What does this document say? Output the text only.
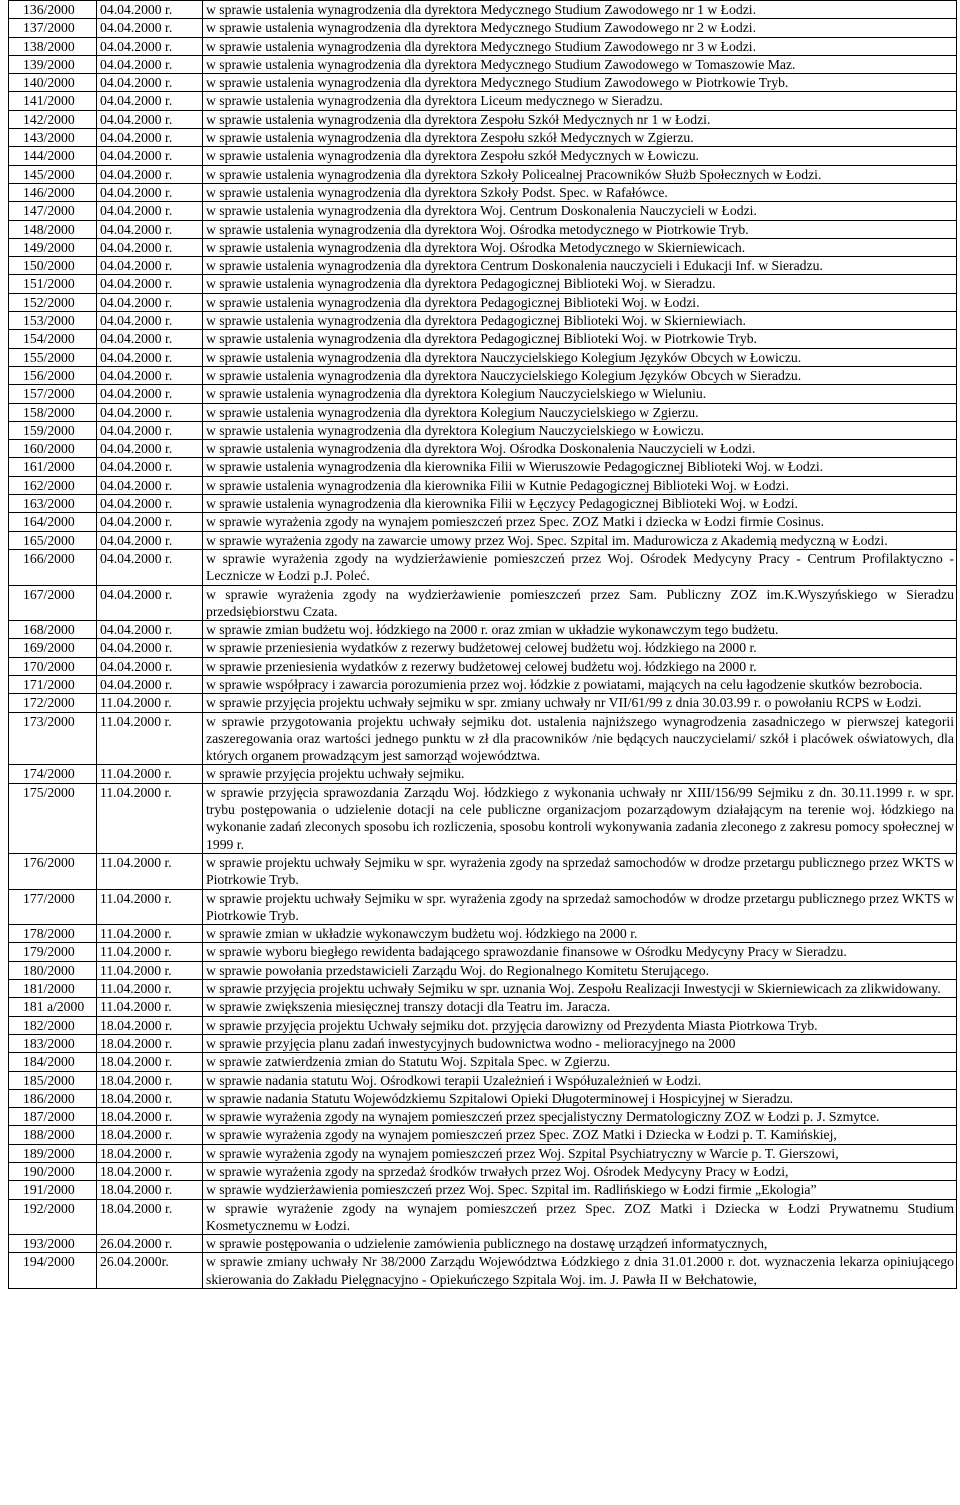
136/2000	04.04.2000 r.	w sprawie ustalenia wynagrodzenia dla dyrektora Medycznego Studium Zawodowego nr 1 w Łodzi.
137/2000	04.04.2000 r.	w sprawie ustalenia wynagrodzenia dla dyrektora Medycznego Studium Zawodowego nr 2 w Łodzi.
138/2000	04.04.2000 r.	w sprawie ustalenia wynagrodzenia dla dyrektora Medycznego Studium Zawodowego nr 3 w Łodzi.
139/2000	04.04.2000 r.	w sprawie ustalenia wynagrodzenia dla dyrektora Medycznego Studium Zawodowego w Tomaszowie Maz.
140/2000	04.04.2000 r.	w sprawie ustalenia wynagrodzenia dla dyrektora Medycznego Studium Zawodowego w Piotrkowie Tryb.
141/2000	04.04.2000 r.	w sprawie ustalenia wynagrodzenia dla dyrektora Liceum medycznego w Sieradzu.
142/2000	04.04.2000 r.	w sprawie ustalenia wynagrodzenia dla dyrektora Zespołu Szkół Medycznych nr 1 w Łodzi.
143/2000	04.04.2000 r.	w sprawie ustalenia wynagrodzenia dla dyrektora Zespołu szkół Medycznych w Zgierzu.
144/2000	04.04.2000 r.	w sprawie ustalenia wynagrodzenia dla dyrektora Zespołu szkół Medycznych w Łowiczu.
145/2000	04.04.2000 r.	w sprawie ustalenia wynagrodzenia dla dyrektora Szkoły Policealnej Pracowników Służb Społecznych w Łodzi.
146/2000	04.04.2000 r.	w sprawie ustalenia wynagrodzenia dla dyrektora Szkoły Podst. Spec. w Rafałówce.
147/2000	04.04.2000 r.	w sprawie ustalenia wynagrodzenia dla dyrektora Woj. Centrum Doskonalenia Nauczycieli w Łodzi.
148/2000	04.04.2000 r.	w sprawie ustalenia wynagrodzenia dla dyrektora Woj. Ośrodka metodycznego w Piotrkowie Tryb.
149/2000	04.04.2000 r.	w sprawie ustalenia wynagrodzenia dla dyrektora Woj. Ośrodka Metodycznego w Skierniewicach.
150/2000	04.04.2000 r.	w sprawie ustalenia wynagrodzenia dla dyrektora Centrum Doskonalenia nauczycieli i Edukacji Inf. w Sieradzu.
151/2000	04.04.2000 r.	w sprawie ustalenia wynagrodzenia dla dyrektora Pedagogicznej Biblioteki Woj. w Sieradzu.
152/2000	04.04.2000 r.	w sprawie ustalenia wynagrodzenia dla dyrektora Pedagogicznej Biblioteki Woj. w Łodzi.
153/2000	04.04.2000 r.	w sprawie ustalenia wynagrodzenia dla dyrektora Pedagogicznej Biblioteki Woj. w Skierniewiach.
154/2000	04.04.2000 r.	w sprawie ustalenia wynagrodzenia dla dyrektora Pedagogicznej Biblioteki Woj. w Piotrkowie Tryb.
155/2000	04.04.2000 r.	w sprawie ustalenia wynagrodzenia dla dyrektora Nauczycielskiego Kolegium Języków Obcych w Łowiczu.
156/2000	04.04.2000 r.	w sprawie ustalenia wynagrodzenia dla dyrektora Nauczycielskiego Kolegium Języków Obcych w Sieradzu.
157/2000	04.04.2000 r.	w sprawie ustalenia wynagrodzenia dla dyrektora Kolegium Nauczycielskiego w Wieluniu.
158/2000	04.04.2000 r.	w sprawie ustalenia wynagrodzenia dla dyrektora Kolegium Nauczycielskiego w Zgierzu.
159/2000	04.04.2000 r.	w sprawie ustalenia wynagrodzenia dla dyrektora Kolegium Nauczycielskiego w Łowiczu.
160/2000	04.04.2000 r.	w sprawie ustalenia wynagrodzenia dla dyrektora Woj. Ośrodka Doskonalenia Nauczycieli w Łodzi.
161/2000	04.04.2000 r.	w sprawie ustalenia wynagrodzenia dla kierownika Filii w Wieruszowie Pedagogicznej Biblioteki Woj. w Łodzi.
162/2000	04.04.2000 r.	w sprawie ustalenia wynagrodzenia dla kierownika Filii w Kutnie Pedagogicznej Biblioteki Woj. w Łodzi.
163/2000	04.04.2000 r.	w sprawie ustalenia wynagrodzenia dla kierownika Filii w Łęczycy Pedagogicznej Biblioteki Woj. w Łodzi.
164/2000	04.04.2000 r.	w sprawie wyrażenia zgody na wynajem pomieszczeń przez Spec. ZOZ Matki i dziecka w Łodzi firmie Cosinus.
165/2000	04.04.2000 r.	w sprawie wyrażenia zgody na zawarcie umowy przez Woj. Spec. Szpital im. Madurowicza z Akademią medyczną w Łodzi.
166/2000	04.04.2000 r.	w sprawie wyrażenia zgody na wydzierżawienie pomieszczeń przez Woj. Ośrodek Medycyny Pracy - Centrum Profilaktyczno - Lecznicze w Łodzi p.J. Poleć.
167/2000	04.04.2000 r.	w sprawie wyrażenia zgody na wydzierżawienie pomieszczeń przez Sam. Publiczny ZOZ im.K.Wyszyńskiego w Sieradzu przedsiębiorstwu Czata.
168/2000	04.04.2000 r.	w sprawie zmian budżetu woj. łódzkiego na 2000 r. oraz zmian w układzie wykonawczym tego budżetu.
169/2000	04.04.2000 r.	w sprawie przeniesienia wydatków z rezerwy budżetowej celowej budżetu woj. łódzkiego na 2000 r.
170/2000	04.04.2000 r.	w sprawie przeniesienia wydatków z rezerwy budżetowej celowej budżetu woj. łódzkiego na 2000 r.
171/2000	04.04.2000 r.	w sprawie współpracy i zawarcia porozumienia przez woj. łódzkie z powiatami, mających na celu łagodzenie skutków bezrobocia.
172/2000	11.04.2000 r.	w sprawie przyjęcia projektu uchwały sejmiku w spr. zmiany uchwały nr VII/61/99 z dnia 30.03.99 r. o powołaniu RCPS w Łodzi.
173/2000	11.04.2000 r.	w sprawie przygotowania projektu uchwały sejmiku dot. ustalenia najniższego wynagrodzenia zasadniczego w pierwszej kategorii zaszeregowania oraz wartości jednego punktu w zł dla pracowników /nie będących nauczycielami/ szkół i placówek oświatowych, dla których organem prowadzącym jest samorząd województwa.
174/2000	11.04.2000 r.	w sprawie przyjęcia projektu uchwały sejmiku.
175/2000	11.04.2000 r.	w sprawie przyjęcia sprawozdania Zarządu Woj. łódzkiego z wykonania uchwały nr XIII/156/99 Sejmiku z dn. 30.11.1999 r. w spr. trybu postępowania o udzielenie dotacji na cele publiczne organizacjom pozarządowym działającym na terenie woj. łódzkiego na wykonanie zadań zleconych sposobu ich rozliczenia, sposobu kontroli wykonywania zadania zleconego z zakresu pomocy społecznej w 1999 r.
176/2000	11.04.2000 r.	w sprawie projektu uchwały Sejmiku w spr. wyrażenia zgody na sprzedaż samochodów w drodze przetargu publicznego przez WKTS w Piotrkowie Tryb.
177/2000	11.04.2000 r.	w sprawie projektu uchwały Sejmiku w spr. wyrażenia zgody na sprzedaż samochodów w drodze przetargu publicznego przez WKTS w Piotrkowie Tryb.
178/2000	11.04.2000 r.	w sprawie zmian w układzie wykonawczym budżetu woj. łódzkiego na 2000 r.
179/2000	11.04.2000 r.	w sprawie wyboru biegłego rewidenta badającego sprawozdanie finansowe w Ośrodku Medycyny Pracy w Sieradzu.
180/2000	11.04.2000 r.	w sprawie powołania przedstawicieli Zarządu Woj. do Regionalnego Komitetu Sterującego.
181/2000	11.04.2000 r.	w sprawie przyjęcia projektu uchwały Sejmiku w spr. uznania Woj. Zespołu Realizacji Inwestycji w Skierniewicach za zlikwidowany.
181 a/2000	11.04.2000 r.	w sprawie zwiększenia miesięcznej transzy dotacji dla Teatru im. Jaracza.
182/2000	18.04.2000 r.	w sprawie przyjęcia projektu Uchwały sejmiku dot. przyjęcia darowizny od Prezydenta Miasta Piotrkowa Tryb.
183/2000	18.04.2000 r.	w sprawie przyjęcia planu zadań inwestycyjnych budownictwa wodno - melioracyjnego na 2000
184/2000	18.04.2000 r.	w sprawie zatwierdzenia zmian do Statutu Woj. Szpitala Spec. w Zgierzu.
185/2000	18.04.2000 r.	w sprawie nadania statutu Woj. Ośrodkowi terapii Uzależnień i Współuzależnień w Łodzi.
186/2000	18.04.2000 r.	w sprawie nadania Statutu Wojewódzkiemu Szpitalowi Opieki Długoterminowej i Hospicyjnej w Sieradzu.
187/2000	18.04.2000 r.	w sprawie wyrażenia zgody na wynajem pomieszczeń przez specjalistyczny Dermatologiczny ZOZ w Łodzi p. J. Szmytce.
188/2000	18.04.2000 r.	w sprawie wyrażenia zgody na wynajem pomieszczeń przez Spec. ZOZ Matki i Dziecka w Łodzi p. T. Kamińskiej,
189/2000	18.04.2000 r.	w sprawie wyrażenia zgody na wynajem pomieszczeń przez Woj. Szpital Psychiatryczny w Warcie p. T. Gierszowi,
190/2000	18.04.2000 r.	w sprawie wyrażenia zgody na sprzedaż środków trwałych przez Woj. Ośrodek Medycyny Pracy w Łodzi,
191/2000	18.04.2000 r.	w sprawie wydzierżawienia pomieszczeń przez Woj. Spec. Szpital im. Radlińskiego w Łodzi firmie „Ekologia”
192/2000	18.04.2000 r.	w sprawie wyrażenie zgody na wynajem pomieszczeń przez Spec. ZOZ Matki i Dziecka w Łodzi Prywatnemu Studium Kosmetycznemu w Łodzi.
193/2000	26.04.2000 r.	w sprawie postępowania o udzielenie zamówienia publicznego na dostawę urządzeń informatycznych,
194/2000	26.04.2000r.	w sprawie zmiany uchwały Nr 38/2000 Zarządu Województwa Łódzkiego z dnia 31.01.2000 r. dot. wyznaczenia lekarza opiniującego skierowania do Zakładu Pielęgnacyjno - Opiekuńczego Szpitala Woj. im. J. Pawła II w Bełchatowie,
